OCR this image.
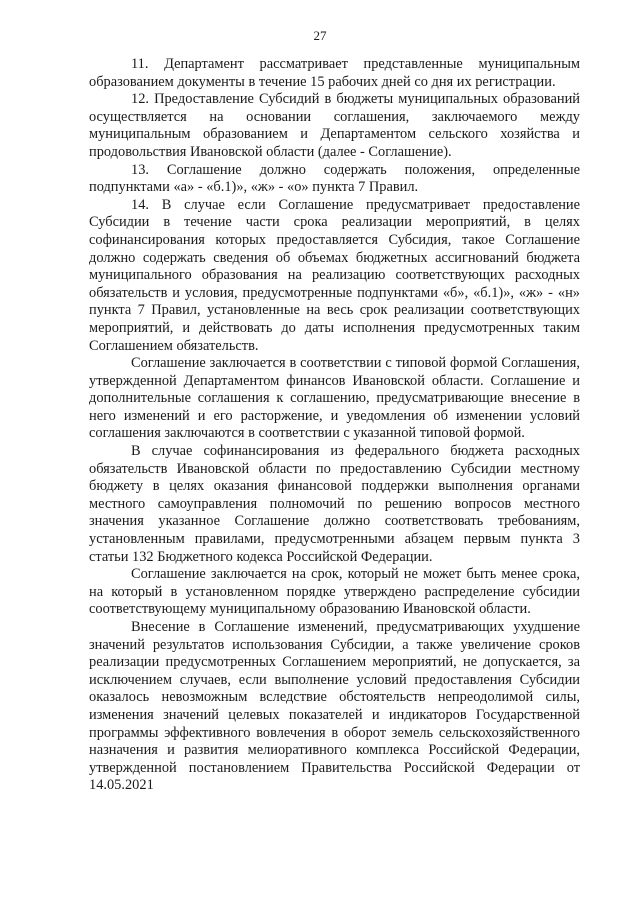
27

11. Департамент рассматривает представленные муниципальным образованием документы в течение 15 рабочих дней со дня их регистрации.

12. Предоставление Субсидий в бюджеты муниципальных образований осуществляется на основании соглашения, заключаемого между муниципальным образованием и Департаментом сельского хозяйства и продовольствия Ивановской области (далее - Соглашение).

13. Соглашение должно содержать положения, определенные подпунктами «а» - «б.1)», «ж» - «о» пункта 7 Правил.

14. В случае если Соглашение предусматривает предоставление Субсидии в течение части срока реализации мероприятий, в целях софинансирования которых предоставляется Субсидия, такое Соглашение должно содержать сведения об объемах бюджетных ассигнований бюджета муниципального образования на реализацию соответствующих расходных обязательств и условия, предусмотренные подпунктами «б», «б.1)», «ж» - «н» пункта 7 Правил, установленные на весь срок реализации соответствующих мероприятий, и действовать до даты исполнения предусмотренных таким Соглашением обязательств.

Соглашение заключается в соответствии с типовой формой Соглашения, утвержденной Департаментом финансов Ивановской области. Соглашение и дополнительные соглашения к соглашению, предусматривающие внесение в него изменений и его расторжение, и уведомления об изменении условий соглашения заключаются в соответствии с указанной типовой формой.

В случае софинансирования из федерального бюджета расходных обязательств Ивановской области по предоставлению Субсидии местному бюджету в целях оказания финансовой поддержки выполнения органами местного самоуправления полномочий по решению вопросов местного значения указанное Соглашение должно соответствовать требованиям, установленным правилами, предусмотренными абзацем первым пункта 3 статьи 132 Бюджетного кодекса Российской Федерации.

Соглашение заключается на срок, который не может быть менее срока, на который в установленном порядке утверждено распределение субсидии соответствующему муниципальному образованию Ивановской области.

Внесение в Соглашение изменений, предусматривающих ухудшение значений результатов использования Субсидии, а также увеличение сроков реализации предусмотренных Соглашением мероприятий, не допускается, за исключением случаев, если выполнение условий предоставления Субсидии оказалось невозможным вследствие обстоятельств непреодолимой силы, изменения значений целевых показателей и индикаторов Государственной программы эффективного вовлечения в оборот земель сельскохозяйственного назначения и развития мелиоративного комплекса Российской Федерации, утвержденной постановлением Правительства Российской Федерации от 14.05.2021
